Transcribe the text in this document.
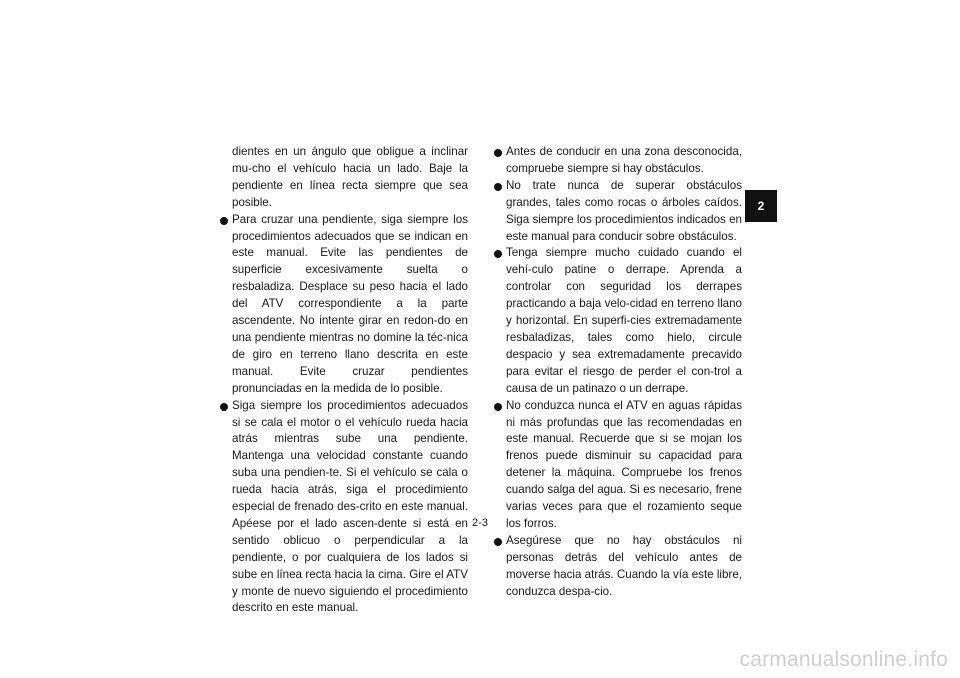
dientes en un ángulo que obligue a inclinar mu-cho el vehículo hacia un lado. Baje la pendiente en línea recta siempre que sea posible.

Para cruzar una pendiente, siga siempre los procedimientos adecuados que se indican en este manual. Evite las pendientes de superficie excesivamente suelta o resbaladiza. Desplace su peso hacia el lado del ATV correspondiente a la parte ascendente. No intente girar en redon-do en una pendiente mientras no domine la téc-nica de giro en terreno llano descrita en este manual. Evite cruzar pendientes pronunciadas en la medida de lo posible.
Siga siempre los procedimientos adecuados si se cala el motor o el vehículo rueda hacia atrás mientras sube una pendiente. Mantenga una velocidad constante cuando suba una pendien-te. Si el vehículo se cala o rueda hacia atrás, siga el procedimiento especial de frenado des-crito en este manual. Apéese por el lado ascen-dente si está en sentido oblicuo o perpendicular a la pendiente, o por cualquiera de los lados si sube en línea recta hacia la cima. Gire el ATV y monte de nuevo siguiendo el procedimiento descrito en este manual.
Antes de conducir en una zona desconocida, compruebe siempre si hay obstáculos.
No trate nunca de superar obstáculos grandes, tales como rocas o árboles caídos. Siga siempre los procedimientos indicados en este manual para conducir sobre obstáculos.
Tenga siempre mucho cuidado cuando el vehí-culo patine o derrape. Aprenda a controlar con seguridad los derrapes practicando a baja velo-cidad en terreno llano y horizontal. En superfi-cies extremadamente resbaladizas, tales como hielo, circule despacio y sea extremadamente precavido para evitar el riesgo de perder el con-trol a causa de un patinazo o un derrape.
No conduzca nunca el ATV en aguas rápidas ni más profundas que las recomendadas en este manual. Recuerde que si se mojan los frenos puede disminuir su capacidad para detener la máquina. Compruebe los frenos cuando salga del agua. Si es necesario, frene varias veces para que el rozamiento seque los forros.
Asegúrese que no hay obstáculos ni personas detrás del vehículo antes de moverse hacia atrás. Cuando la vía este libre, conduzca despa-cio.
2
2-3
carmanualsonline.info
